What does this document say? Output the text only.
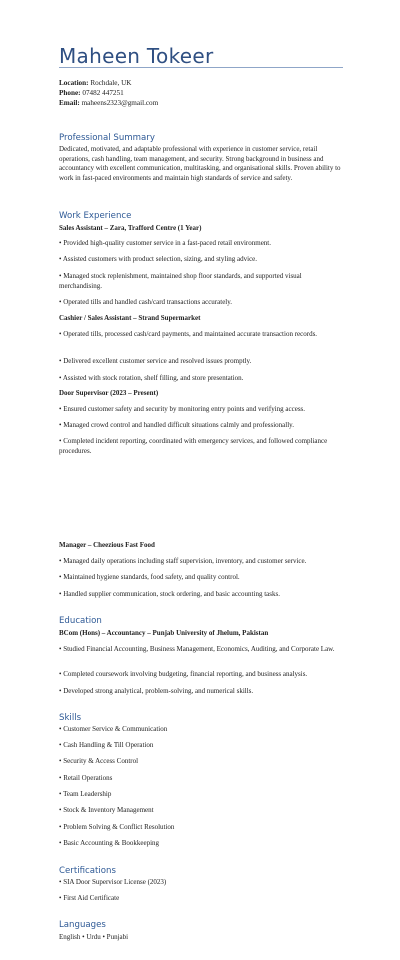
Maheen Tokeer
Location: Rochdale, UK
Phone: 07482 447251
Email: maheens2323@gmail.com
Professional Summary

Dedicated, motivated, and adaptable professional with experience in customer service, retail operations, cash handling, team management, and security. Strong background in business and accountancy with excellent communication, multitasking, and organisational skills. Proven ability to work in fast-paced environments and maintain high standards of service and safety.

Work Experience

Sales Assistant – Zara, Trafford Centre (1 Year)

• Provided high-quality customer service in a fast-paced retail environment.

• Assisted customers with product selection, sizing, and styling advice.

• Managed stock replenishment, maintained shop floor standards, and supported visual merchandising.

• Operated tills and handled cash/card transactions accurately.

Cashier / Sales Assistant – Strand Supermarket

• Operated tills, processed cash/card payments, and maintained accurate transaction records.

• Delivered excellent customer service and resolved issues promptly.

• Assisted with stock rotation, shelf filling, and store presentation.

Door Supervisor (2023 – Present)

• Ensured customer safety and security by monitoring entry points and verifying access.

• Managed crowd control and handled difficult situations calmly and professionally.

• Completed incident reporting, coordinated with emergency services, and followed compliance procedures.

Manager – Cheezious Fast Food

• Managed daily operations including staff supervision, inventory, and customer service.

• Maintained hygiene standards, food safety, and quality control.

• Handled supplier communication, stock ordering, and basic accounting tasks.

Education

BCom (Hons) – Accountancy – Punjab University of Jhelum, Pakistan

• Studied Financial Accounting, Business Management, Economics, Auditing, and Corporate Law.

• Completed coursework involving budgeting, financial reporting, and business analysis.

• Developed strong analytical, problem-solving, and numerical skills.

Skills

• Customer Service & Communication

• Cash Handling & Till Operation

• Security & Access Control

• Retail Operations

• Team Leadership

• Stock & Inventory Management

• Problem Solving & Conflict Resolution

• Basic Accounting & Bookkeeping

Certifications

• SIA Door Supervisor License (2023)

• First Aid Certificate

Languages

English • Urdu • Punjabi
